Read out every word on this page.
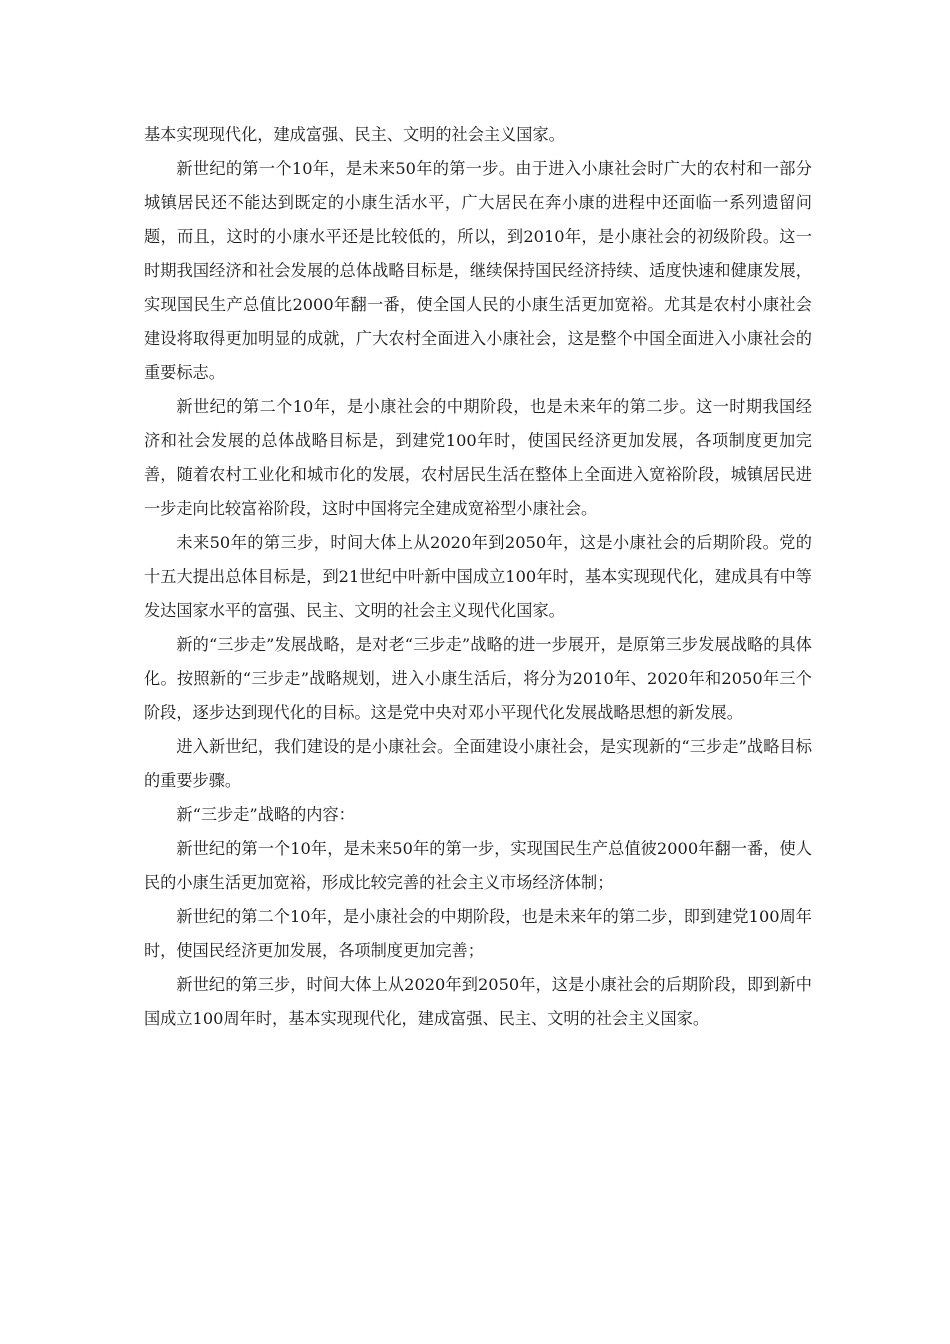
基本实现现代化，建成富强、民主、文明的社会主义国家。

新世纪的第一个10年，是未来50年的第一步。由于进入小康社会时广大的农村和一部分城镇居民还不能达到既定的小康生活水平，广大居民在奔小康的进程中还面临一系列遗留问题，而且，这时的小康水平还是比较低的，所以，到2010年，是小康社会的初级阶段。这一时期我国经济和社会发展的总体战略目标是，继续保持国民经济持续、适度快速和健康发展，实现国民生产总值比2000年翻一番，使全国人民的小康生活更加宽裕。尤其是农村小康社会建设将取得更加明显的成就，广大农村全面进入小康社会，这是整个中国全面进入小康社会的重要标志。

新世纪的第二个10年，是小康社会的中期阶段，也是未来年的第二步。这一时期我国经济和社会发展的总体战略目标是，到建党100年时，使国民经济更加发展，各项制度更加完善，随着农村工业化和城市化的发展，农村居民生活在整体上全面进入宽裕阶段，城镇居民进一步走向比较富裕阶段，这时中国将完全建成宽裕型小康社会。

未来50年的第三步，时间大体上从2020年到2050年，这是小康社会的后期阶段。党的十五大提出总体目标是，到21世纪中叶新中国成立100年时，基本实现现代化，建成具有中等发达国家水平的富强、民主、文明的社会主义现代化国家。

新的“三步走”发展战略，是对老“三步走”战略的进一步展开，是原第三步发展战略的具体化。按照新的“三步走”战略规划，进入小康生活后，将分为2010年、2020年和2050年三个阶段，逐步达到现代化的目标。这是党中央对邓小平现代化发展战略思想的新发展。

进入新世纪，我们建设的是小康社会。全面建设小康社会，是实现新的“三步走”战略目标的重要步骤。

新“三步走”战略的内容：

新世纪的第一个10年，是未来50年的第一步，实现国民生产总值彼2000年翻一番，使人民的小康生活更加宽裕，形成比较完善的社会主义市场经济体制；

新世纪的第二个10年，是小康社会的中期阶段，也是未来年的第二步，即到建党100周年时，使国民经济更加发展，各项制度更加完善；

新世纪的第三步，时间大体上从2020年到2050年，这是小康社会的后期阶段，即到新中国成立100周年时，基本实现现代化，建成富强、民主、文明的社会主义国家。
